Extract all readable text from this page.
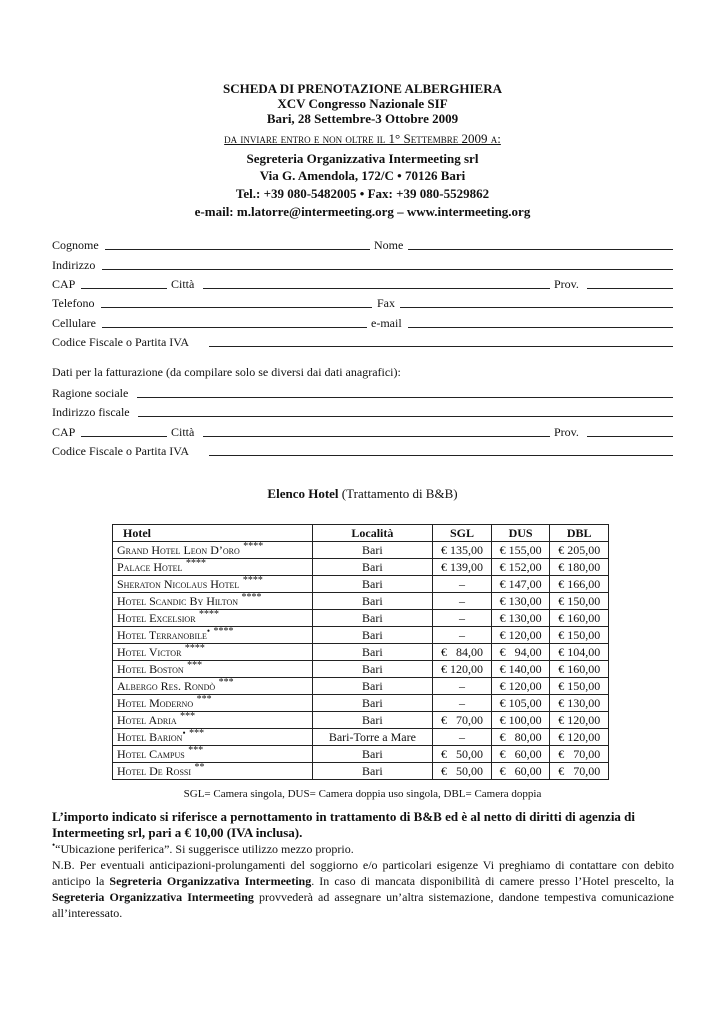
SCHEDA DI PRENOTAZIONE ALBERGHIERA
XCV Congresso Nazionale SIF
Bari, 28 Settembre-3 Ottobre 2009
da inviare entro e non oltre il 1° Settembre 2009 a:
Segreteria Organizzativa Intermeeting srl
Via G. Amendola, 172/C • 70126 Bari
Tel.: +39 080-5482005 • Fax: +39 080-5529862
e-mail: m.latorre@intermeeting.org – www.intermeeting.org
Cognome	Nome
Indirizzo
CAP	Città	Prov.
Telefono	Fax
Cellulare	e-mail
Codice Fiscale o Partita IVA
Dati per la fatturazione (da compilare solo se diversi dai dati anagrafici):
Ragione sociale
Indirizzo fiscale
CAP	Città	Prov.
Codice Fiscale o Partita IVA
Elenco Hotel (Trattamento di B&B)
Hotel	Località	SGL	DUS	DBL
Grand Hotel Leon D’oro ****	Bari	€ 135,00	€ 155,00	€ 205,00
Palace Hotel ****	Bari	€ 139,00	€ 152,00	€ 180,00
Sheraton Nicolaus Hotel ****	Bari	–	€ 147,00	€ 166,00
Hotel Scandic By Hilton ****	Bari	–	€ 130,00	€ 150,00
Hotel Excelsior ****	Bari	–	€ 130,00	€ 160,00
Hotel Terranobile• ****	Bari	–	€ 120,00	€ 150,00
Hotel Victor ****	Bari	€   84,00	€   94,00	€ 104,00
Hotel Boston ***	Bari	€ 120,00	€ 140,00	€ 160,00
Albergo Res. Rondò ***	Bari	–	€ 120,00	€ 150,00
Hotel Moderno ***	Bari	–	€ 105,00	€ 130,00
Hotel Adria ***	Bari	€   70,00	€ 100,00	€ 120,00
Hotel Barion• ***	Bari-Torre a Mare	–	€   80,00	€ 120,00
Hotel Campus ***	Bari	€   50,00	€   60,00	€   70,00
Hotel De Rossi **	Bari	€   50,00	€   60,00	€   70,00
SGL= Camera singola, DUS= Camera doppia uso singola, DBL= Camera doppia
L’importo indicato si riferisce a pernottamento in trattamento di B&B ed è al netto di diritti di agenzia di Intermeeting srl, pari a € 10,00 (IVA inclusa).
•“Ubicazione periferica”. Si suggerisce utilizzo mezzo proprio.
N.B. Per eventuali anticipazioni-prolungamenti del soggiorno e/o particolari esigenze Vi preghiamo di contattare con debito anticipo la Segreteria Organizzativa Intermeeting. In caso di mancata disponibilità di camere presso l’Hotel prescelto, la Segreteria Organizzativa Intermeeting provvederà ad assegnare un’altra sistemazione, dandone tempestiva comunicazione all’interessato.
